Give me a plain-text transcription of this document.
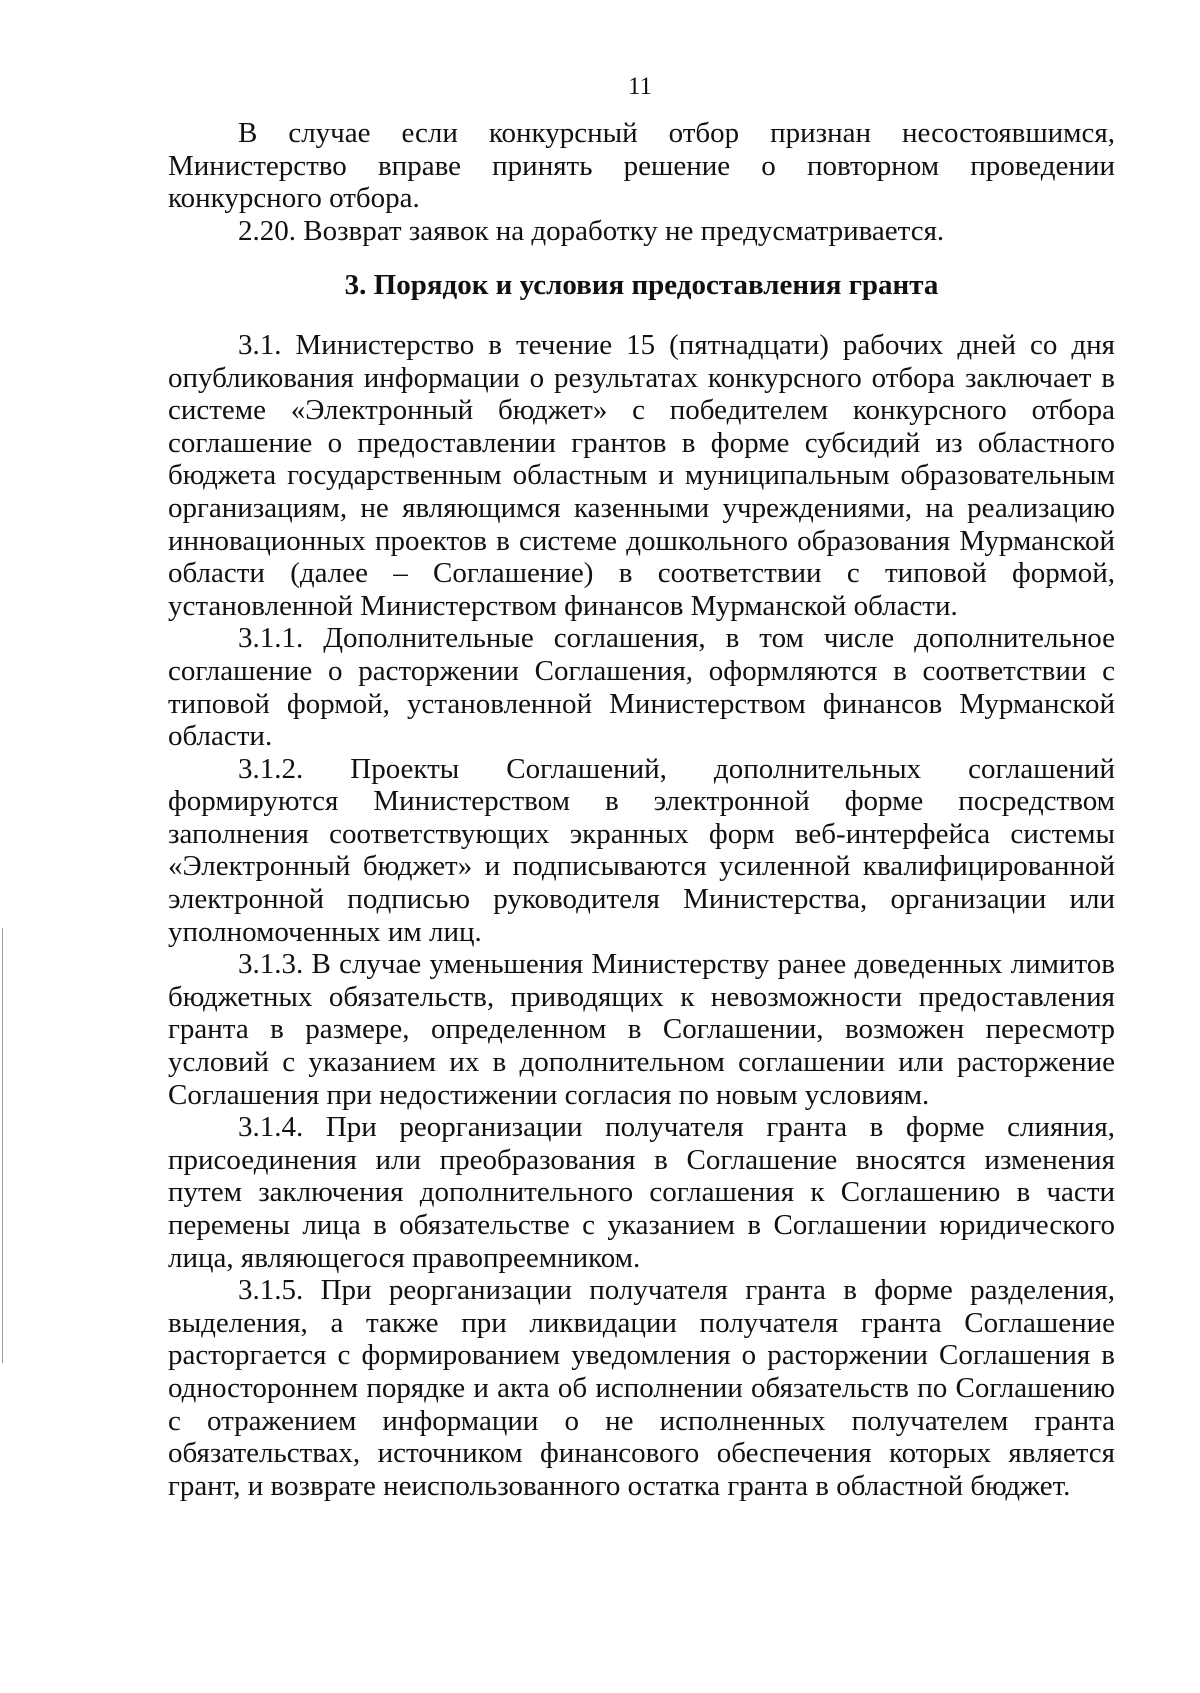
11

В случае если конкурсный отбор признан несостоявшимся, Министерство вправе принять решение о повторном проведении конкурсного отбора.

2.20. Возврат заявок на доработку не предусматривается.

3. Порядок и условия предоставления гранта

3.1. Министерство в течение 15 (пятнадцати) рабочих дней со дня опубликования информации о результатах конкурсного отбора заключает в системе «Электронный бюджет» с победителем конкурсного отбора соглашение о предоставлении грантов в форме субсидий из областного бюджета государственным областным и муниципальным образовательным организациям, не являющимся казенными учреждениями, на реализацию инновационных проектов в системе дошкольного образования Мурманской области (далее – Соглашение) в соответствии с типовой формой, установленной Министерством финансов Мурманской области.

3.1.1. Дополнительные соглашения, в том числе дополнительное соглашение о расторжении Соглашения, оформляются в соответствии с типовой формой, установленной Министерством финансов Мурманской области.

3.1.2. Проекты Соглашений, дополнительных соглашений формируются Министерством в электронной форме посредством заполнения соответствующих экранных форм веб-интерфейса системы «Электронный бюджет» и подписываются усиленной квалифицированной электронной подписью руководителя Министерства, организации или уполномоченных им лиц.

3.1.3. В случае уменьшения Министерству ранее доведенных лимитов бюджетных обязательств, приводящих к невозможности предоставления гранта в размере, определенном в Соглашении, возможен пересмотр условий с указанием их в дополнительном соглашении или расторжение Соглашения при недостижении согласия по новым условиям.

3.1.4. При реорганизации получателя гранта в форме слияния, присоединения или преобразования в Соглашение вносятся изменения путем заключения дополнительного соглашения к Соглашению в части перемены лица в обязательстве с указанием в Соглашении юридического лица, являющегося правопреемником.

3.1.5. При реорганизации получателя гранта в форме разделения, выделения, а также при ликвидации получателя гранта Соглашение расторгается с формированием уведомления о расторжении Соглашения в одностороннем порядке и акта об исполнении обязательств по Соглашению с отражением информации о не исполненных получателем гранта обязательствах, источником финансового обеспечения которых является грант, и возврате неиспользованного остатка гранта в областной бюджет.
